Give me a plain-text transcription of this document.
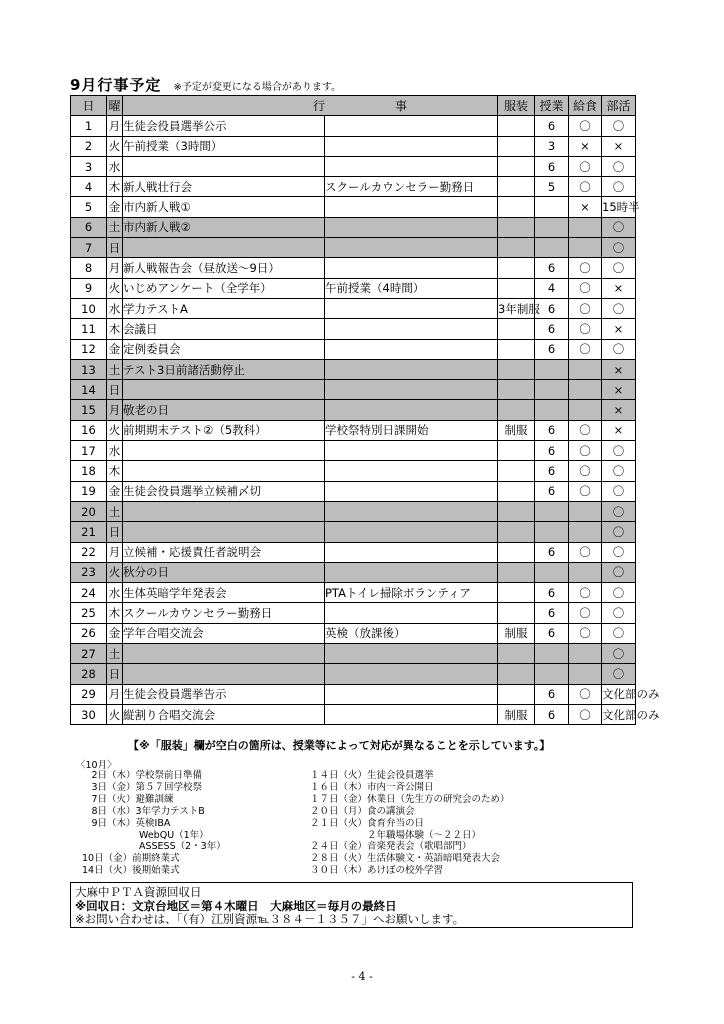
9月行事予定 ※予定が変更になる場合があります。
日	曜	行 事		服装	授業	給食	部活
1	月	生徒会役員選挙公示			6	〇	〇
2	火	午前授業（3時間）			3	×	×
3	水				6	〇	〇
4	木	新人戦壮行会	スクールカウンセラー勤務日		5	〇	〇
5	金	市内新人戦①				×	15時半
6	土	市内新人戦②					〇
7	日						〇
8	月	新人戦報告会（昼放送～9日）			6	〇	〇
9	火	いじめアンケート（全学年）	午前授業（4時間）		4	〇	×
10	水	学力テストA		3年制服	6	〇	〇
11	木	会議日			6	〇	×
12	金	定例委員会			6	〇	〇
13	土	テスト3日前諸活動停止					×
14	日						×
15	月	敬老の日					×
16	火	前期期末テスト②（5教科）	学校祭特別日課開始	制服	6	〇	×
17	水				6	〇	〇
18	木				6	〇	〇
19	金	生徒会役員選挙立候補〆切			6	〇	〇
20	土						〇
21	日						〇
22	月	立候補・応援責任者説明会			6	〇	〇
23	火	秋分の日					〇
24	水	生体英暗学年発表会	PTAトイレ掃除ボランティア		6	〇	〇
25	木	スクールカウンセラー勤務日			6	〇	〇
26	金	学年合唱交流会	英検（放課後）	制服	6	〇	〇
27	土						〇
28	日						〇
29	月	生徒会役員選挙告示			6	〇	文化部のみ
30	火	縦割り合唱交流会		制服	6	〇	文化部のみ
【※「服装」欄が空白の箇所は、授業等によって対応が異なることを示しています。】
〈10月〉
　2日（木）学校祭前日準備
　3日（金）第５７回学校祭
　7日（火）避難訓練
　8日（水）3年学力テストB
　9日（木）英検IBA
　　　　　　WebQU（1年）
　　　　　　ASSESS（2・3年）
10日（金）前期終業式
14日（火）後期始業式
１４日（火）生徒会役員選挙
１６日（木）市内一斉公開日
１７日（金）休業日（先生方の研究会のため）
２０日（月）食の講演会
２１日（火）食育弁当の日
　　　　　　２年職場体験（～２２日）
２４日（金）音楽発表会（歌唱部門）
２８日（火）生活体験文・英語暗唱発表大会
３０日（木）あけぼの校外学習
大麻中ＰＴＡ資源回収日
※回収日：文京台地区＝第４木曜日　大麻地区＝毎月の最終日
※お問い合わせは、「（有）江別資源℡３８４－１３５７」へお願いします。
- 4 -
